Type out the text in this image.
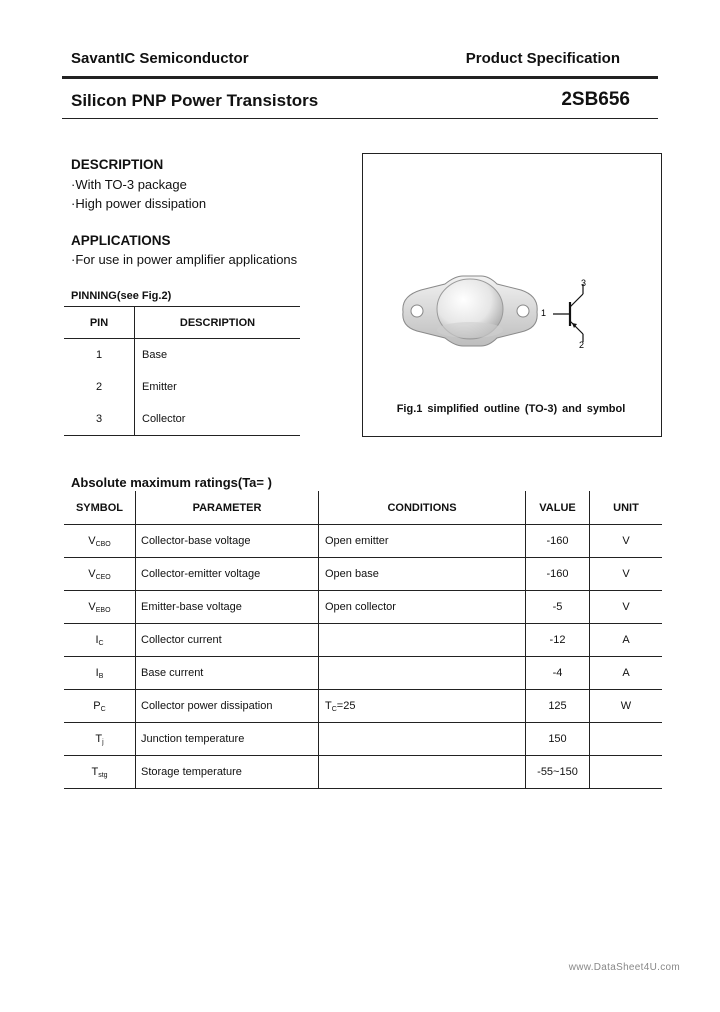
SavantIC Semiconductor	Product Specification
Silicon PNP Power Transistors	2SB656
DESCRIPTION
·With TO-3 package
·High power dissipation
APPLICATIONS
·For use in power amplifier applications
PINNING(see Fig.2)
PIN	DESCRIPTION
1	Base
2	Emitter
3	Collector
1
3
2
Fig.1 simplified outline (TO-3) and symbol
Absolute maximum ratings(Ta= )
SYMBOL	PARAMETER	CONDITIONS	VALUE	UNIT
$V_{CBO}$	Collector-base voltage	Open emitter	-160	V
$V_{CEO}$	Collector-emitter voltage	Open base	-160	V
$V_{EBO}$	Emitter-base voltage	Open collector	-5	V
$I_C$	Collector current		-12	A
$I_B$	Base current		-4	A
$P_C$	Collector power dissipation	$T_C=25$	125	W
$T_j$	Junction temperature		150	
$T_{stg}$	Storage temperature		-55~150	
www.DataSheet4U.com
